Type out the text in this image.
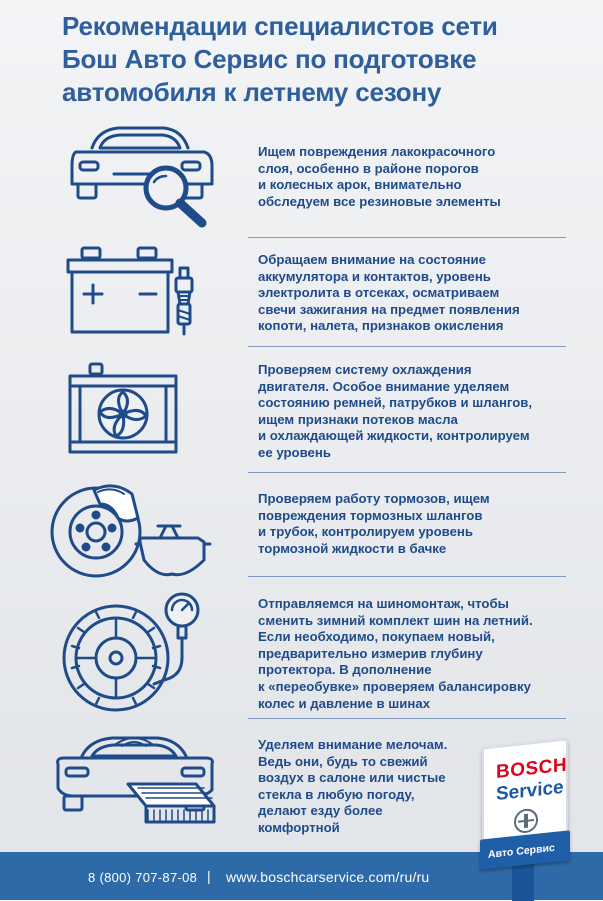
Рекомендации специалистов сети
Бош Авто Сервис по подготовке
автомобиля к летнему сезону
Ищем повреждения лакокрасочного
слоя, особенно в районе порогов
и колесных арок, внимательно
обследуем все резиновые элементы
Обращаем внимание на состояние
аккумулятора и контактов, уровень
электролита в отсеках, осматриваем
свечи зажигания на предмет появления
копоти, налета, признаков окисления
Проверяем систему охлаждения
двигателя. Особое внимание уделяем
состоянию ремней, патрубков и шлангов,
ищем признаки потеков масла
и охлаждающей жидкости, контролируем
ее уровень
Проверяем работу тормозов, ищем
повреждения тормозных шлангов
и трубок, контролируем уровень
тормозной жидкости в бачке
Отправляемся на шиномонтаж, чтобы
сменить зимний комплект шин на летний.
Если необходимо, покупаем новый,
предварительно измерив глубину
протектора. В дополнение
к «переобувке» проверяем балансировку
колес и давление в шинах
Уделяем внимание мелочам.
Ведь они, будь то свежий
воздух в салоне или чистые
стекла в любую погоду,
делают езду более
комфортной
8 (800) 707-87-08 | www.boschcarservice.com/ru/ru
BOSCH
Service
Авто Сервис
